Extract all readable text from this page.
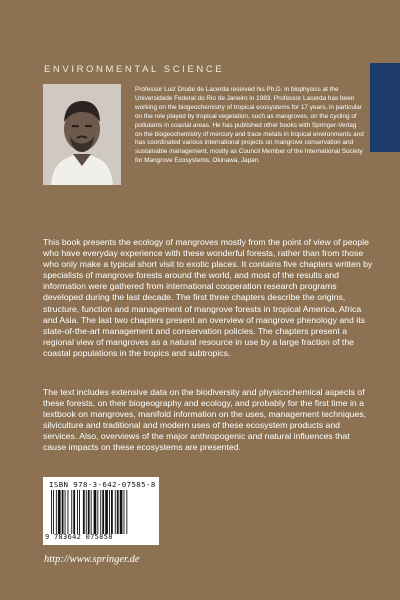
ENVIRONMENTAL SCIENCE
Professor Luiz Drude de Lacerda received his Ph.D. in biophysics at the Universidade Federal do Rio de Janeiro in 1983. Professor Lacerda has been working on the biogeochemistry of tropical ecosystems for 17 years, in particular on the role played by tropical vegetation, such as mangroves, on the cycling of pollutants in coastal areas. He has published other books with Springer-Verlag on the biogeochemistry of mercury and trace metals in tropical environments and has coordinated various international projects on mangrove conservation and sustainable management, mostly as Council Member of the International Society for Mangrove Ecosystems, Okinawa, Japan.
This book presents the ecology of mangroves mostly from the point of view of people who have everyday experience with these wonderful forests, rather than from those who only make a typical short visit to exotic places. It contains five chapters written by specialists of mangrove forests around the world, and most of the results and information were gathered from international cooperation research programs developed during the last decade. The first three chapters describe the origins, structure, function and management of mangrove forests in tropical America, Africa and Asia. The last two chapters present an overview of mangrove phenology and its state-of-the-art management and conservation policies. The chapters present a regional view of mangroves as a natural resource in use by a large fraction of the coastal populations in the tropics and subtropics.
The text includes extensive data on the biodiversity and physicochemical aspects of these forests, on their biogeography and ecology, and probably for the first time in a textbook on mangroves, manifold information on the uses, management techniques, silviculture and traditional and modern uses of these ecosystem products and services. Also, overviews of the major anthropogenic and natural influences that cause impacts on these ecosystems are presented.
ISBN 978-3-642-07585-8
9 783642 075858
http://www.springer.de
